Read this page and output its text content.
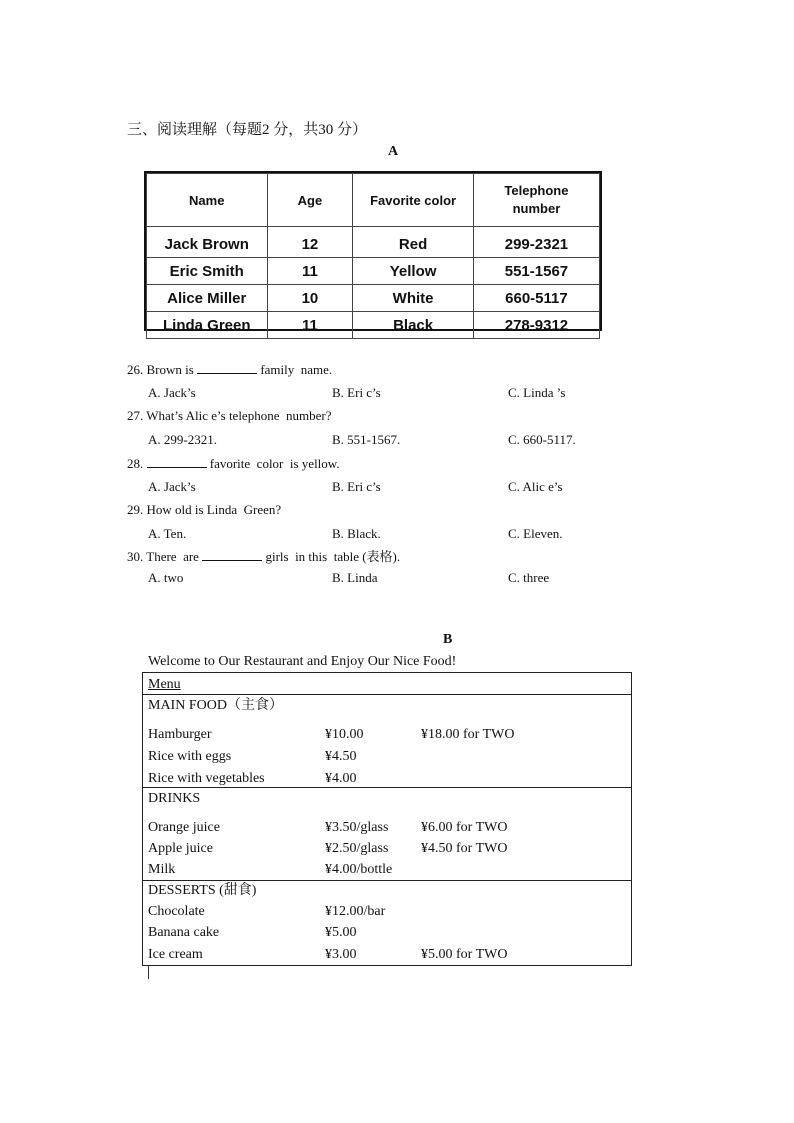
三、阅读理解（每题2 分，共30 分）
A
Name	Age	Favorite color	Telephone number
Jack Brown	12	Red	299-2321
Eric Smith	11	Yellow	551-1567
Alice Miller	10	White	660-5117
Linda Green	11	Black	278-9312
26. Brown is	family  name.
A. Jack’s	B. Eri c’s	C. Linda ’s
27. What’s Alic e’s telephone  number?
A. 299-2321.	B. 551-1567.	C. 660-5117.
28.	favorite  color  is yellow.
A. Jack’s	B. Eri c’s	C. Alic e’s
29. How old is Linda  Green?
A. Ten.	B. Black.	C. Eleven.
30. There  are	girls  in this  table (表格).
A. two	B. Linda	C. three
B
Welcome to Our Restaurant and Enjoy Our Nice Food!
Menu
MAIN FOOD（主食）
Hamburger	¥10.00	¥18.00 for TWO
Rice with eggs	¥4.50
Rice with vegetables	¥4.00
DRINKS
Orange juice	¥3.50/glass ¥6.00 for TWO
Apple juice	¥2.50/glass ¥4.50 for TWO
Milk	¥4.00/bottle
DESSERTS (甜食)
Chocolate	¥12.00/bar
Banana cake	¥5.00
Ice cream	¥3.00	¥5.00 for TWO
